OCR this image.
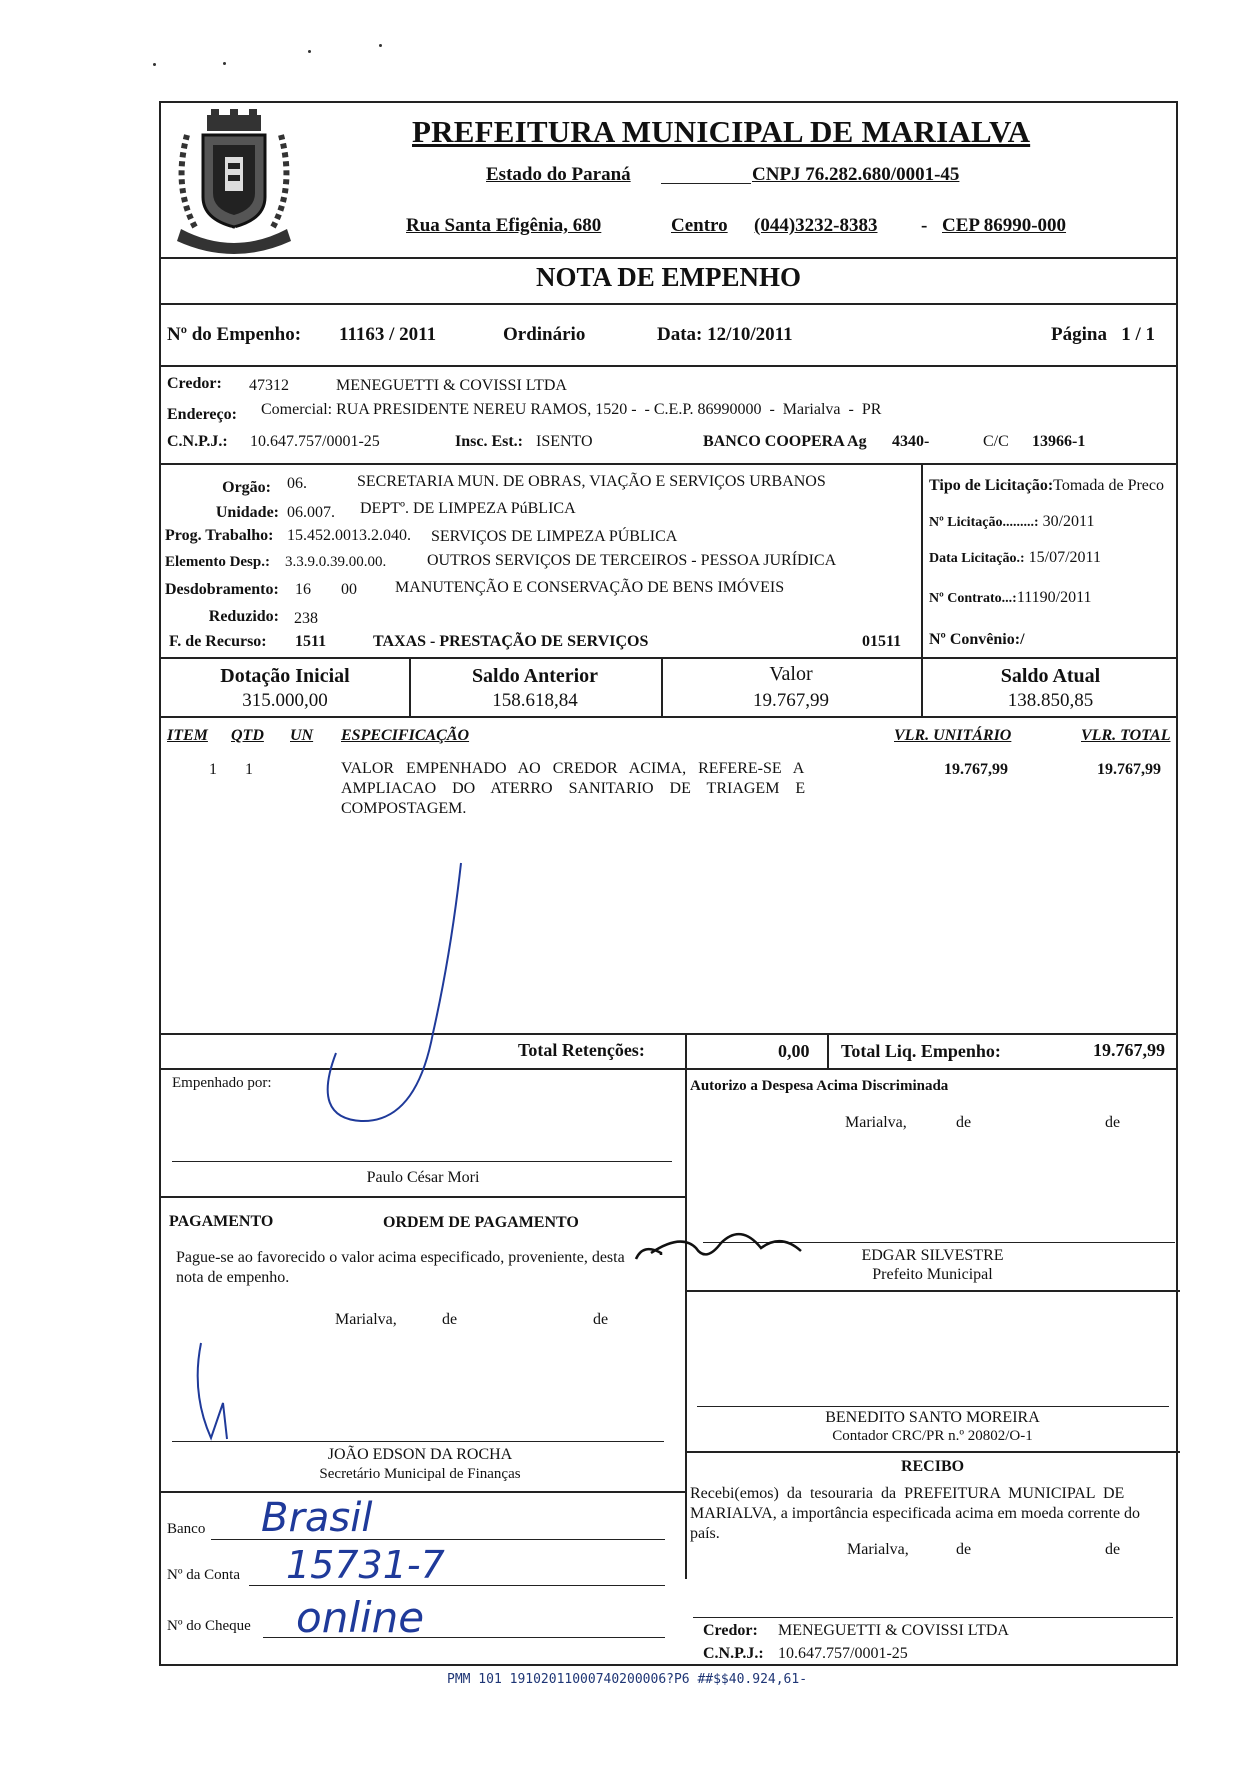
MARIALVA
PREFEITURA MUNICIPAL DE MARIALVA
Estado do Paraná	CNPJ 76.282.680/0001-45
Rua Santa Efigênia, 680	Centro (044)3232-8383 - CEP 86990-000
NOTA DE EMPENHO
Nº do Empenho: 11163 / 2011	Ordinário	Data: 12/10/2011	Página   1 / 1
Credor: 47312	MENEGUETTI & COVISSI LTDA
Endereço: Comercial: RUA PRESIDENTE NEREU RAMOS, 1520 -  - C.E.P. 86990000  -  Marialva  -  PR
C.N.P.J.: 10.647.757/0001-25	Insc. Est.: ISENTO	BANCO COOPERA Ag 4340-	C/C 13966-1
Orgão: 06.	SECRETARIA MUN. DE OBRAS, VIAÇÃO E SERVIÇOS URBANOS
Unidade: 06.007. DEPTº. DE LIMPEZA PúBLICA
Prog. Trabalho: 15.452.0013.2.040. SERVIÇOS DE LIMPEZA PÚBLICA
Elemento Desp.: 3.3.9.0.39.00.00.	OUTROS SERVIÇOS DE TERCEIROS - PESSOA JURÍDICA
Desdobramento: 16 00 MANUTENÇÃO E CONSERVAÇÃO DE BENS IMÓVEIS
Reduzido: 238
F. de Recurso: 1511	TAXAS - PRESTAÇÃO DE SERVIÇOS	01511
Tipo de Licitação:Tomada de Preco
Nº Licitação.........: 30/2011
Data Licitação.: 15/07/2011
Nº Contrato...:11190/2011
Nº Convênio:/
Dotação Inicial
315.000,00
Saldo Anterior
158.618,84
Valor
19.767,99
Saldo Atual
138.850,85
ITEM QTD UN ESPECIFICAÇÃO	VLR. UNITÁRIO	VLR. TOTAL
1 1	VALOR   EMPENHADO   AO   CREDOR   ACIMA,   REFERE-SE   A
AMPLIACAO    DO    ATERRO    SANITARIO    DE    TRIAGEM    E
COMPOSTAGEM.
19.767,99	19.767,99
Total Retenções:	0,00 Total Liq. Empenho:	19.767,99
Empenhado por:
Paulo César Mori
PAGAMENTO	ORDEM DE PAGAMENTO
Pague-se ao favorecido o valor acima especificado, proveniente, desta
nota de empenho.
Marialva,	de	de
JOÃO EDSON DA ROCHA
Secretário Municipal de Finanças
Banco Brasil
Nº da Conta 15731-7
Nº do Cheque online
Autorizo a Despesa Acima Discriminada
Marialva,	de	de
EDGAR SILVESTRE
Prefeito Municipal
BENEDITO SANTO MOREIRA
Contador CRC/PR n.º 20802/O-1
RECIBO
Recebi(emos)  da  tesouraria  da  PREFEITURA  MUNICIPAL  DE
MARIALVA, a importância especificada acima em moeda corrente do
país.
Marialva,	de	de
Credor: MENEGUETTI & COVISSI LTDA
C.N.P.J.: 10.647.757/0001-25
PMM 101 19102011000740200006?P6 ##$$40.924,61-
